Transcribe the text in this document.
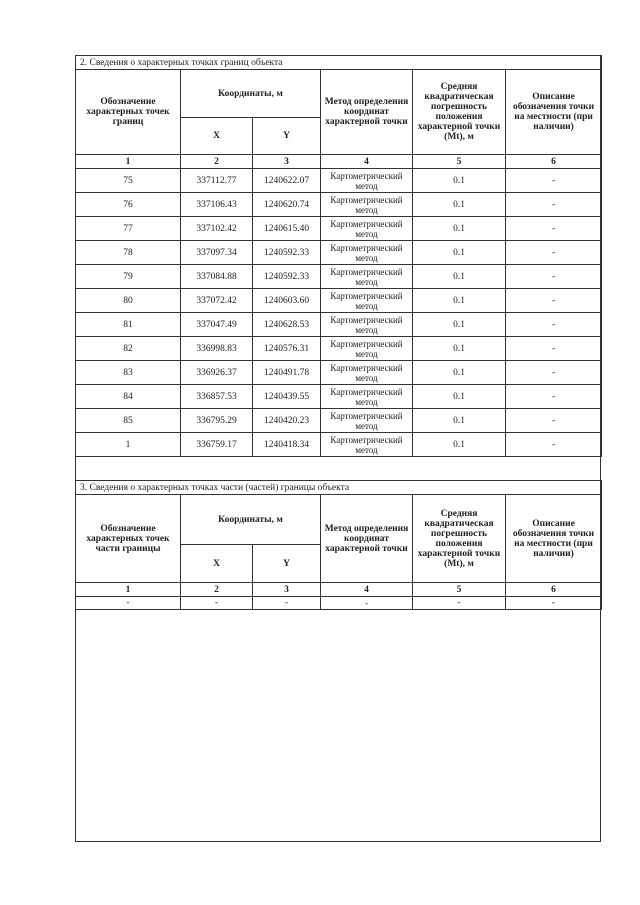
2. Сведения о характерных точках границ объекта					
Обозначение характерных точек границ	Координаты, м		Метод определения координат характерной точки	Средняя квадратическая погрешность положения характерной точки (Mt), м	Описание обозначения точки на местности (при наличии)
	X	Y			
1	2	3	4	5	6
75	337112.77	1240622.07	Картометрический метод	0.1	-
76	337106.43	1240620.74	Картометрический метод	0.1	-
77	337102.42	1240615.40	Картометрический метод	0.1	-
78	337097.34	1240592.33	Картометрический метод	0.1	-
79	337084.88	1240592.33	Картометрический метод	0.1	-
80	337072.42	1240603.60	Картометрический метод	0.1	-
81	337047.49	1240628.53	Картометрический метод	0.1	-
82	336998.83	1240576.31	Картометрический метод	0.1	-
83	336926.37	1240491.78	Картометрический метод	0.1	-
84	336857.53	1240439.55	Картометрический метод	0.1	-
85	336795.29	1240420.23	Картометрический метод	0.1	-
1	336759.17	1240418.34	Картометрический метод	0.1	-
3. Сведения о характерных точках части (частей) границы объекта					
Обозначение характерных точек части границы	Координаты, м		Метод определения координат характерной точки	Средняя квадратическая погрешность положения характерной точки (Mt), м	Описание обозначения точки на местности (при наличии)
	X	Y			
1	2	3	4	5	6
-	-	-	-	-	-
